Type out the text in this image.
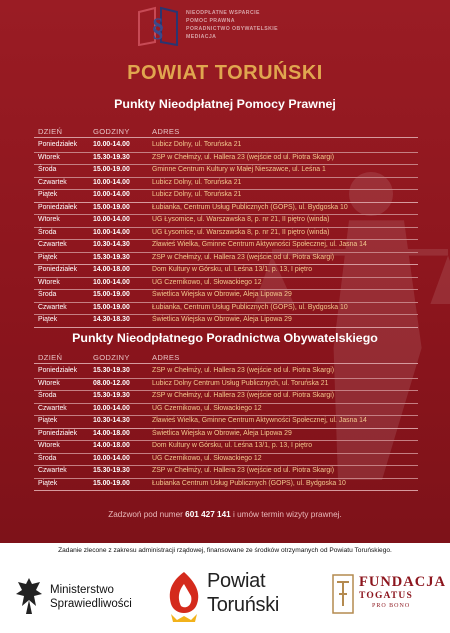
§	NIEODPŁATNE WSPARCIE
POMOC PRAWNA
PORADNICTWO OBYWATELSKIE
MEDIACJA
POWIAT TORUŃSKI
Punkty Nieodpłatnej Pomocy Prawnej
DZIEŃ	GODZINY	ADRES
Poniedziałek 10.00-14.00	Lubicz Dolny, ul. Toruńska 21
Wtorek	15.30-19.30	ZSP w Chełmży, ul. Hallera 23 (wejście od ul. Piotra Skargi)
Środa	15.00-19.00	Gminne Centrum Kultury w Małej Nieszawce, ul. Leśna 1
Czwartek	10.00-14.00	Lubicz Dolny, ul. Toruńska 21
Piątek	10.00-14.00	Lubicz Dolny, ul. Toruńska 21
Poniedziałek 15.00-19.00	Łubianka, Centrum Usług Publicznych (GOPS), ul. Bydgoska 10
Wtorek	10.00-14.00	UG Łysomice, ul. Warszawska 8, p. nr 21, II piętro (winda)
Środa	10.00-14.00	UG Łysomice, ul. Warszawska 8, p. nr 21, II piętro (winda)
Czwartek	10.30-14.30	Zławieś Wielka, Gminne Centrum Aktywności Społecznej, ul. Jasna 14
Piątek	15.30-19.30	ZSP w Chełmży, ul. Hallera 23 (wejście od ul. Piotra Skargi)
Poniedziałek 14.00-18.00	Dom Kultury w Górsku, ul. Leśna 13/1, p. 13, I piętro
Wtorek	10.00-14.00	UG Czernikowo, ul. Słowackiego 12
Środa	15.00-19.00	Świetlica Wiejska w Obrowie, Aleja Lipowa 29
Czwartek	15.00-19.00	Łubianka, Centrum Usług Publicznych (GOPS), ul. Bydgoska 10
Piątek	14.30-18.30	Świetlica Wiejska w Obrowie, Aleja Lipowa 29
Punkty Nieodpłatnego Poradnictwa Obywatelskiego
DZIEŃ	GODZINY	ADRES
Poniedziałek 15.30-19.30	ZSP w Chełmży, ul. Hallera 23 (wejście od ul. Piotra Skargi)
Wtorek	08.00-12.00	Lubicz Dolny Centrum Usług Publicznych, ul. Toruńska 21
Środa	15.30-19.30	ZSP w Chełmży, ul. Hallera 23 (wejście od ul. Piotra Skargi)
Czwartek	10.00-14.00	UG Czernikowo, ul. Słowackiego 12
Piątek	10.30-14.30	Zławieś Wielka, Gminne Centrum Aktywności Społecznej, ul. Jasna 14
Poniedziałek 14.00-18.00	Świetlica Wiejska w Obrowie, Aleja Lipowa 29
Wtorek	14.00-18.00	Dom Kultury w Górsku, ul. Leśna 13/1, p. 13, I piętro
Środa	10.00-14.00	UG Czernikowo, ul. Słowackiego 12
Czwartek	15.30-19.30	ZSP w Chełmży, ul. Hallera 23 (wejście od ul. Piotra Skargi)
Piątek	15.00-19.00	Łubianka Centrum Usług Publicznych (GOPS), ul. Bydgoska 10
Zadzwoń pod numer 601 427 141 i umów termin wizyty prawnej.
Zadanie zlecone z zakresu administracji rządowej, finansowane ze środków otrzymanych od Powiatu Toruńskiego.
Ministerstwo
Sprawiedliwości
Powiat
Toruński
FUNDACJA
TOGATUS
PRO BONO
